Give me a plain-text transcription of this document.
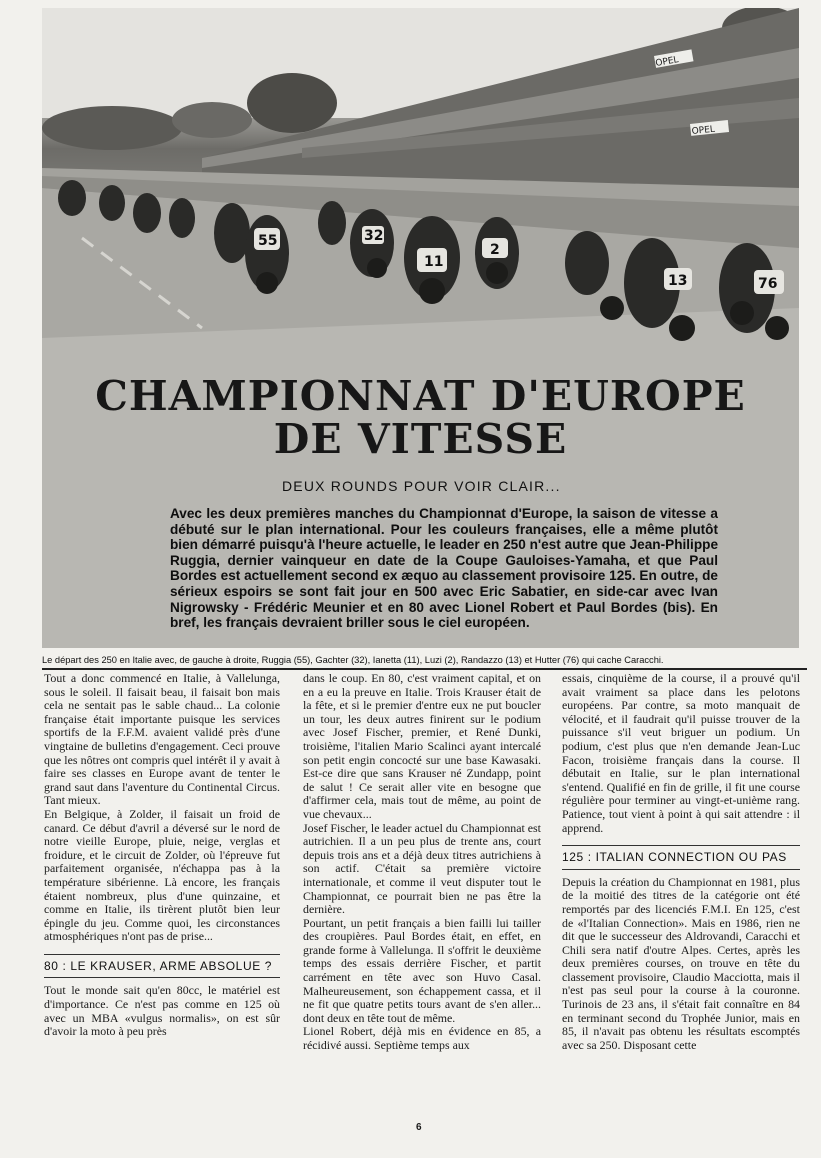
OPEL
OPEL
55	32
11
2
13	76
CHAMPIONNAT D'EUROPE
DE VITESSE
DEUX ROUNDS POUR VOIR CLAIR...
Avec les deux premières manches du Championnat d'Europe, la saison de vitesse a débuté sur le plan international. Pour les couleurs françaises, elle a même plutôt bien démarré puisqu'à l'heure actuelle, le leader en 250 n'est autre que Jean-Philippe Ruggia, dernier vainqueur en date de la Coupe Gauloises-Yamaha, et que Paul Bordes est actuellement second ex æquo au classement provisoire 125. En outre, de sérieux espoirs se sont fait jour en 500 avec Eric Sabatier, en side-car avec Ivan Nigrowsky - Frédéric Meunier et en 80 avec Lionel Robert et Paul Bordes (bis). En bref, les français devraient briller sous le ciel européen.
Le départ des 250 en Italie avec, de gauche à droite, Ruggia (55), Gachter (32), Ianetta (11), Luzi (2), Randazzo (13) et Hutter (76) qui cache Caracchi.

Tout a donc commencé en Italie, à Vallelunga, sous le soleil. Il faisait beau, il faisait bon mais cela ne sentait pas le sable chaud... La colonie française était importante puisque les services sportifs de la F.F.M. avaient validé près d'une vingtaine de bulletins d'engagement. Ceci prouve que les nôtres ont compris quel intérêt il y avait à faire ses classes en Europe avant de tenter le grand saut dans l'aventure du Continental Circus. Tant mieux.

En Belgique, à Zolder, il faisait un froid de canard. Ce début d'avril a déversé sur le nord de notre vieille Europe, pluie, neige, verglas et froidure, et le circuit de Zolder, où l'épreuve fut parfaitement organisée, n'échappa pas à la température sibérienne. Là encore, les français étaient nombreux, plus d'une quinzaine, et comme en Italie, ils tirèrent plutôt bien leur épingle du jeu. Comme quoi, les circonstances atmosphériques n'ont pas de prise...

80 : LE KRAUSER, ARME ABSOLUE ?

Tout le monde sait qu'en 80cc, le matériel est d'importance. Ce n'est pas comme en 125 où avec un MBA «vulgus normalis», on est sûr d'avoir la moto à peu près

dans le coup. En 80, c'est vraiment capital, et on en a eu la preuve en Italie. Trois Krauser était de la fête, et si le premier d'entre eux ne put boucler un tour, les deux autres finirent sur le podium avec Josef Fischer, premier, et René Dunki, troisième, l'italien Mario Scalinci ayant intercalé son petit engin concocté sur une base Kawasaki. Est-ce dire que sans Krauser né Zundapp, point de salut ! Ce serait aller vite en besogne que d'affirmer cela, mais tout de même, au point de vue chevaux...

Josef Fischer, le leader actuel du Championnat est autrichien. Il a un peu plus de trente ans, court depuis trois ans et a déjà deux titres autrichiens à son actif. C'était sa première victoire internationale, et comme il veut disputer tout le Championnat, ce pourrait bien ne pas être la dernière.

Pourtant, un petit français a bien failli lui tailler des croupières. Paul Bordes était, en effet, en grande forme à Vallelunga. Il s'offrit le deuxième temps des essais derrière Fischer, et partit carrément en tête avec son Huvo Casal. Malheureusement, son échappement cassa, et il ne fit que quatre petits tours avant de s'en aller... dont deux en tête tout de même.

Lionel Robert, déjà mis en évidence en 85, a récidivé aussi. Septième temps aux

essais, cinquième de la course, il a prouvé qu'il avait vraiment sa place dans les pelotons européens. Par contre, sa moto manquait de vélocité, et il faudrait qu'il puisse trouver de la puissance s'il veut briguer un podium. Un podium, c'est plus que n'en demande Jean-Luc Facon, troisième français dans la course. Il débutait en Italie, sur le plan international s'entend. Qualifié en fin de grille, il fit une course régulière pour terminer au vingt-et-unième rang. Patience, tout vient à point à qui sait attendre : il apprend.

125 : ITALIAN CONNECTION OU PAS

Depuis la création du Championnat en 1981, plus de la moitié des titres de la catégorie ont été remportés par des licenciés F.M.I. En 125, c'est de «l'Italian Connection». Mais en 1986, rien ne dit que le successeur des Aldrovandi, Caracchi et Chili sera natif d'outre Alpes. Certes, après les deux premières courses, on trouve en tête du classement provisoire, Claudio Macciotta, mais il n'est pas seul pour la course à la couronne. Turinois de 23 ans, il s'était fait connaître en 84 en terminant second du Trophée Junior, mais en 85, il n'avait pas obtenu les résultats escomptés avec sa 250. Disposant cette

6
